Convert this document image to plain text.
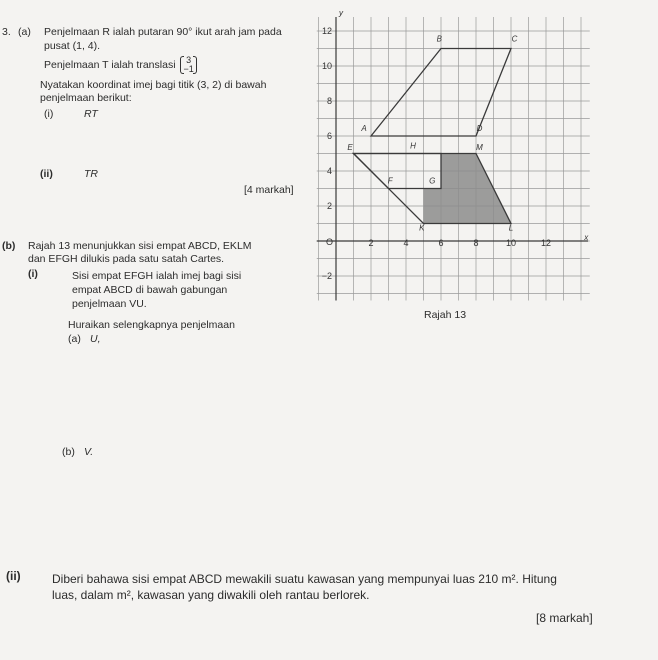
3. (a) Penjelmaan R ialah putaran 90° ikut arah jam pada
pusat (1, 4).
Penjelmaan T ialah translasi 3
−1
Nyatakan koordinat imej bagi titik (3, 2) di bawah
penjelmaan berikut:
(i)	RT
(ii)	TR
[4 markah]
(b) Rajah 13 menunjukkan sisi empat ABCD, EKLM
dan EFGH dilukis pada satu satah Cartes.
(i)	Sisi empat EFGH ialah imej bagi sisi
empat ABCD di bawah gabungan
penjelmaan VU.
Huraikan selengkapnya penjelmaan
(a) U,
(b) V.
(ii)	Diberi bahawa sisi empat ABCD mewakili suatu kawasan yang mempunyai luas 210 m². Hitung
luas, dalam m², kawasan yang diwakili oleh rantau berlorek.
[8 markah]
2	4	6	8	10	12
12
10
8
6
4
2
−2
O	x
y
A
B	C
D
E
F	G
H
K	L
M
Rajah 13
